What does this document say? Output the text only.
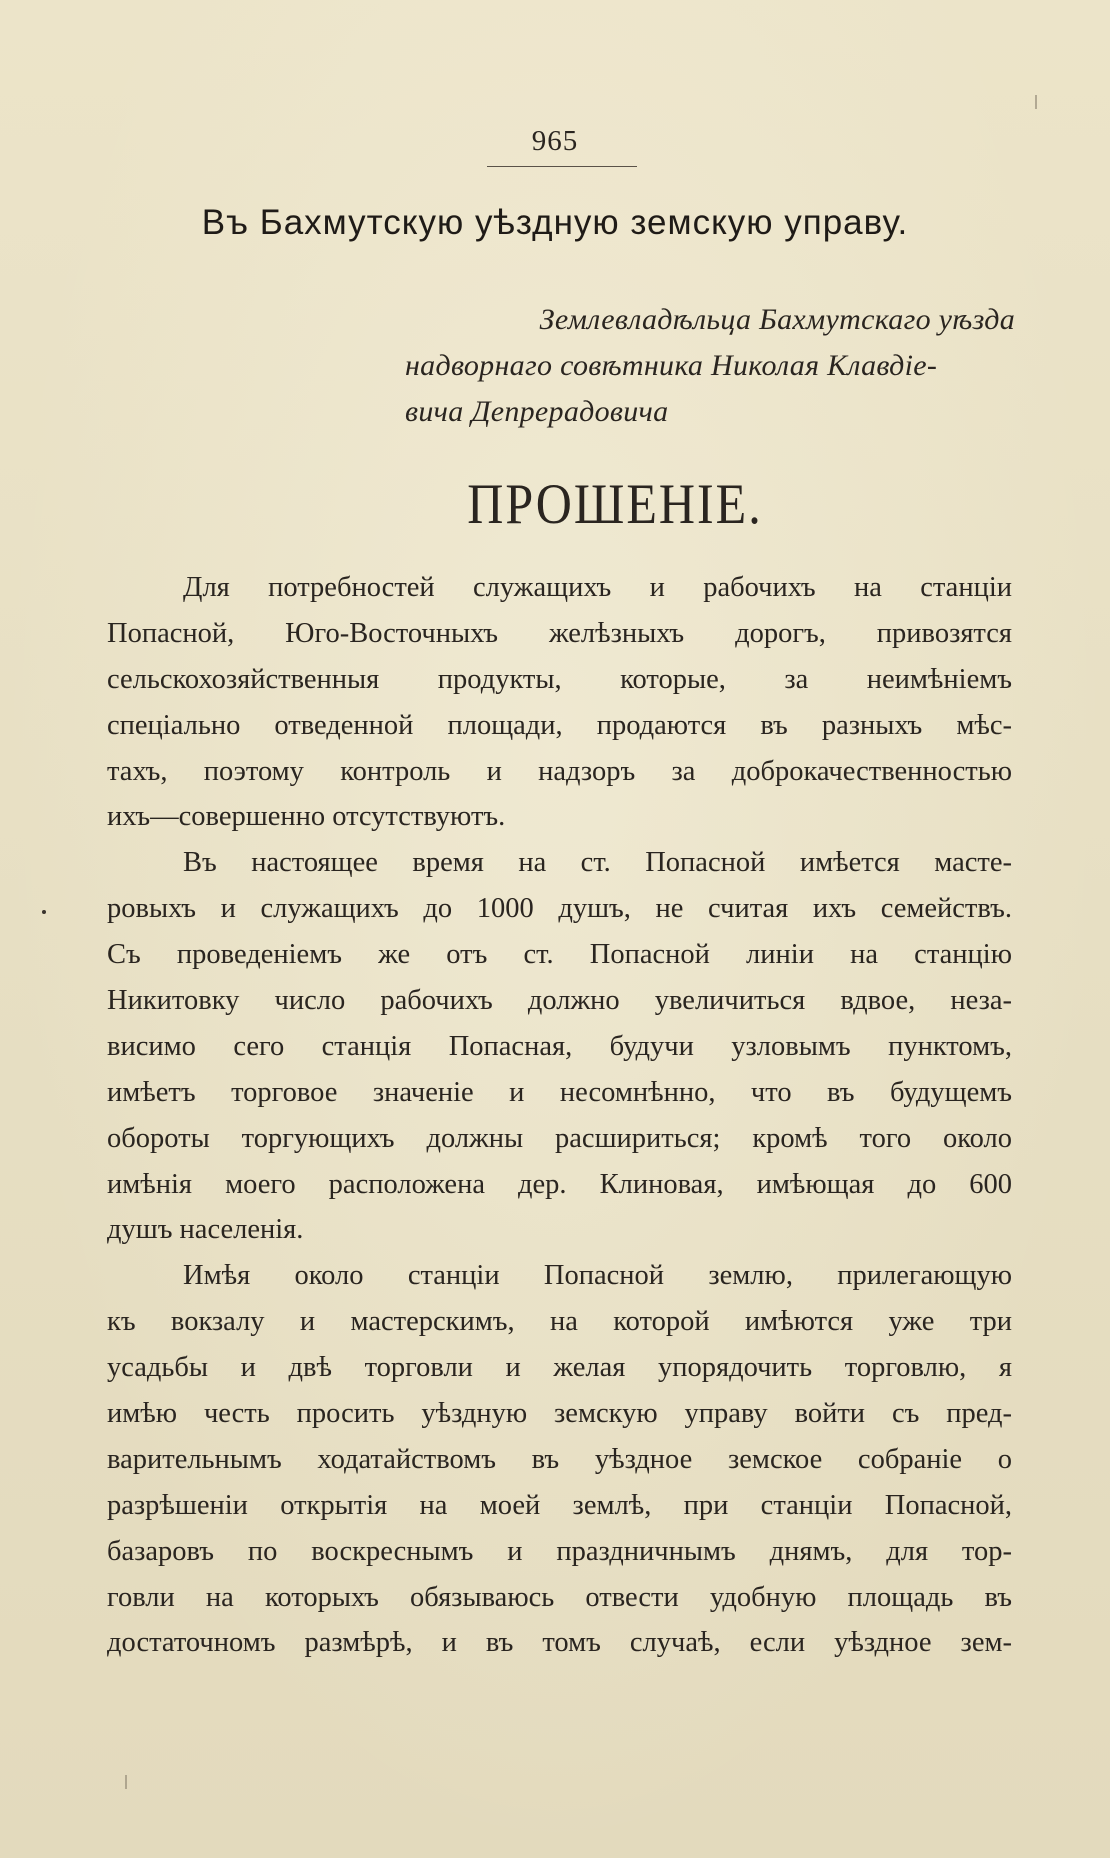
965
Въ Бахмутскую уѣздную земскую управу.
Землевладѣльца Бахмутскаго уѣзда
надворнаго совѣтника Николая Клавдіе-
вича Депрерадовича
ПРОШЕНІЕ.
Для потребностей служащихъ и рабочихъ на станціи
Попасной, Юго-Восточныхъ желѣзныхъ дорогъ, привозятся
сельскохозяйственныя продукты, которые, за неимѣніемъ
спеціально отведенной площади, продаются въ разныхъ мѣс-
тахъ, поэтому контроль и надзоръ за доброкачественностью
ихъ—совершенно отсутствуютъ.
Въ настоящее время на ст. Попасной имѣется масте-
ровыхъ и служащихъ до 1000 душъ, не считая ихъ семействъ.
Съ проведеніемъ же отъ ст. Попасной линіи на станцію
Никитовку число рабочихъ должно увеличиться вдвое, неза-
висимо сего станція Попасная, будучи узловымъ пунктомъ,
имѣетъ торговое значеніе и несомнѣнно, что въ будущемъ
обороты торгующихъ должны расшириться; кромѣ того около
имѣнія моего расположена дер. Клиновая, имѣющая до 600
душъ населенія.
Имѣя около станціи Попасной землю, прилегающую
къ вокзалу и мастерскимъ, на которой имѣются уже три
усадьбы и двѣ торговли и желая упорядочить торговлю, я
имѣю честь просить уѣздную земскую управу войти съ пред-
варительнымъ ходатайствомъ въ уѣздное земское собраніе о
разрѣшеніи открытія на моей землѣ, при станціи Попасной,
базаровъ по воскреснымъ и праздничнымъ днямъ, для тор-
говли на которыхъ обязываюсь отвести удобную площадь въ
достаточномъ размѣрѣ, и въ томъ случаѣ, если уѣздное зем-
